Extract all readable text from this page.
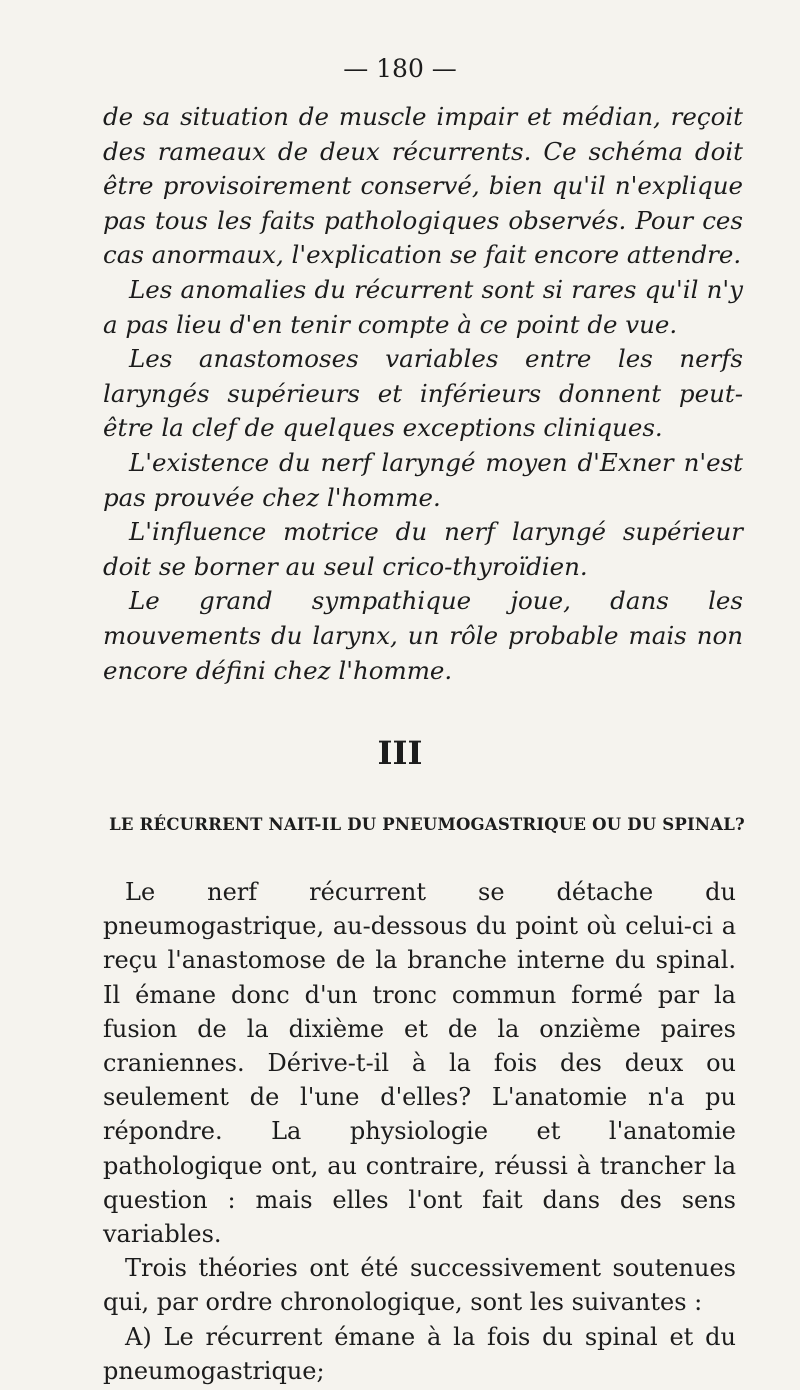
— 180 —

de sa situation de muscle impair et médian, reçoit des rameaux de deux récurrents. Ce schéma doit être provisoirement conservé, bien qu'il n'explique pas tous les faits pathologiques observés. Pour ces cas anormaux, l'explication se fait encore attendre.

Les anomalies du récurrent sont si rares qu'il n'y a pas lieu d'en tenir compte à ce point de vue.

Les anastomoses variables entre les nerfs laryngés supérieurs et inférieurs donnent peut-être la clef de quelques exceptions cliniques.

L'existence du nerf laryngé moyen d'Exner n'est pas prouvée chez l'homme.

L'influence motrice du nerf laryngé supérieur doit se borner au seul crico-thyroïdien.

Le grand sympathique joue, dans les mouvements du larynx, un rôle probable mais non encore défini chez l'homme.

III
LE RÉCURRENT NAIT-IL DU PNEUMOGASTRIQUE OU DU SPINAL?

Le nerf récurrent se détache du pneumogastrique, au-dessous du point où celui-ci a reçu l'anastomose de la branche interne du spinal. Il émane donc d'un tronc commun formé par la fusion de la dixième et de la onzième paires craniennes. Dérive-t-il à la fois des deux ou seulement de l'une d'elles? L'anatomie n'a pu répondre. La physiologie et l'anatomie pathologique ont, au contraire, réussi à trancher la question : mais elles l'ont fait dans des sens variables.

Trois théories ont été successivement soutenues qui, par ordre chronologique, sont les suivantes :

A) Le récurrent émane à la fois du spinal et du pneumogastrique;
